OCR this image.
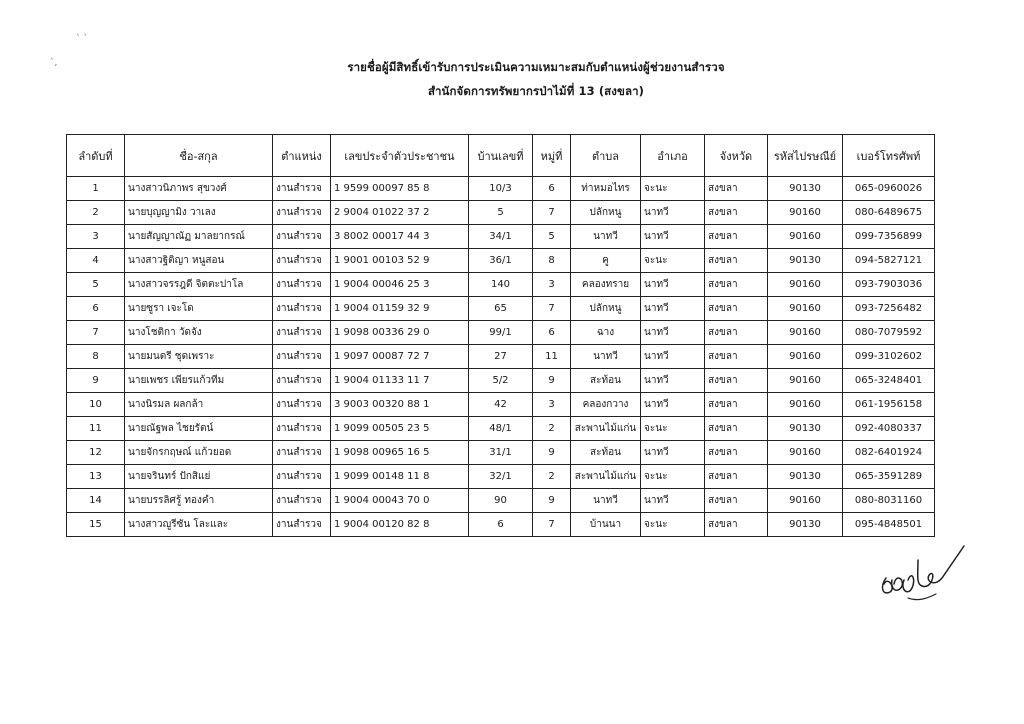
` `
`,	รายชื่อผู้มีสิทธิ์เข้ารับการประเมินความเหมาะสมกับตำแหน่งผู้ช่วยงานสำรวจ
สำนักจัดการทรัพยากรป่าไม้ที่ 13 (สงขลา)
ลำดับที่	ชื่อ-สกุล	ตำแหน่ง	เลขประจำตัวประชาชน	บ้านเลขที่	หมู่ที่	ตำบล	อำเภอ	จังหวัด	รหัสไปรษณีย์	เบอร์โทรศัพท์
1	นางสาวนิภาพร สุขวงศ์	งานสำรวจ	1 9599 00097 85 8	10/3	6	ท่าหมอไทร	จะนะ	สงขลา	90130	065-0960026
2	นายบุญญามิง วาเลง	งานสำรวจ	2 9004 01022 37 2	5	7	ปลักหนู	นาทวี	สงขลา	90160	080-6489675
3	นายสัญญาณัฏ มาลยากรณ์	งานสำรวจ	3 8002 00017 44 3	34/1	5	นาทวี	นาทวี	สงขลา	90160	099-7356899
4	นางสาวฐิติญา หนูสอน	งานสำรวจ	1 9001 00103 52 9	36/1	8	คู	จะนะ	สงขลา	90130	094-5827121
5	นางสาวจรรฎดี จิตตะปาโล	งานสำรวจ	1 9004 00046 25 3	140	3	คลองทราย	นาทวี	สงขลา	90160	093-7903036
6	นายซูรา เจะโด	งานสำรวจ	1 9004 01159 32 9	65	7	ปลักหนู	นาทวี	สงขลา	90160	093-7256482
7	นางโชติกา วัดจัง	งานสำรวจ	1 9098 00336 29 0	99/1	6	ฉาง	นาทวี	สงขลา	90160	080-7079592
8	นายมนตรี ชุดเพราะ	งานสำรวจ	1 9097 00087 72 7	27	11	นาทวี	นาทวี	สงขลา	90160	099-3102602
9	นายเพชร เพียรแก้วทีม	งานสำรวจ	1 9004 01133 11 7	5/2	9	สะท้อน	นาทวี	สงขลา	90160	065-3248401
10	นางนิรมล ผลกล้า	งานสำรวจ	3 9003 00320 88 1	42	3	คลองกวาง	นาทวี	สงขลา	90160	061-1956158
11	นายณัฐพล ไชยรัตน์	งานสำรวจ	1 9099 00505 23 5	48/1	2	สะพานไม้แก่น	จะนะ	สงขลา	90130	092-4080337
12	นายจักรกฤษณ์ แก้วยอด	งานสำรวจ	1 9098 00965 16 5	31/1	9	สะท้อน	นาทวี	สงขลา	90160	082-6401924
13	นายจรินทร์ ปักสิแย่	งานสำรวจ	1 9099 00148 11 8	32/1	2	สะพานไม้แก่น	จะนะ	สงขลา	90130	065-3591289
14	นายบรรลิศรู้ ทองคำ	งานสำรวจ	1 9004 00043 70 0	90	9	นาทวี	นาทวี	สงขลา	90160	080-8031160
15	นางสาวญูรีซัน โละและ	งานสำรวจ	1 9004 00120 82 8	6	7	บ้านนา	จะนะ	สงขลา	90130	095-4848501
